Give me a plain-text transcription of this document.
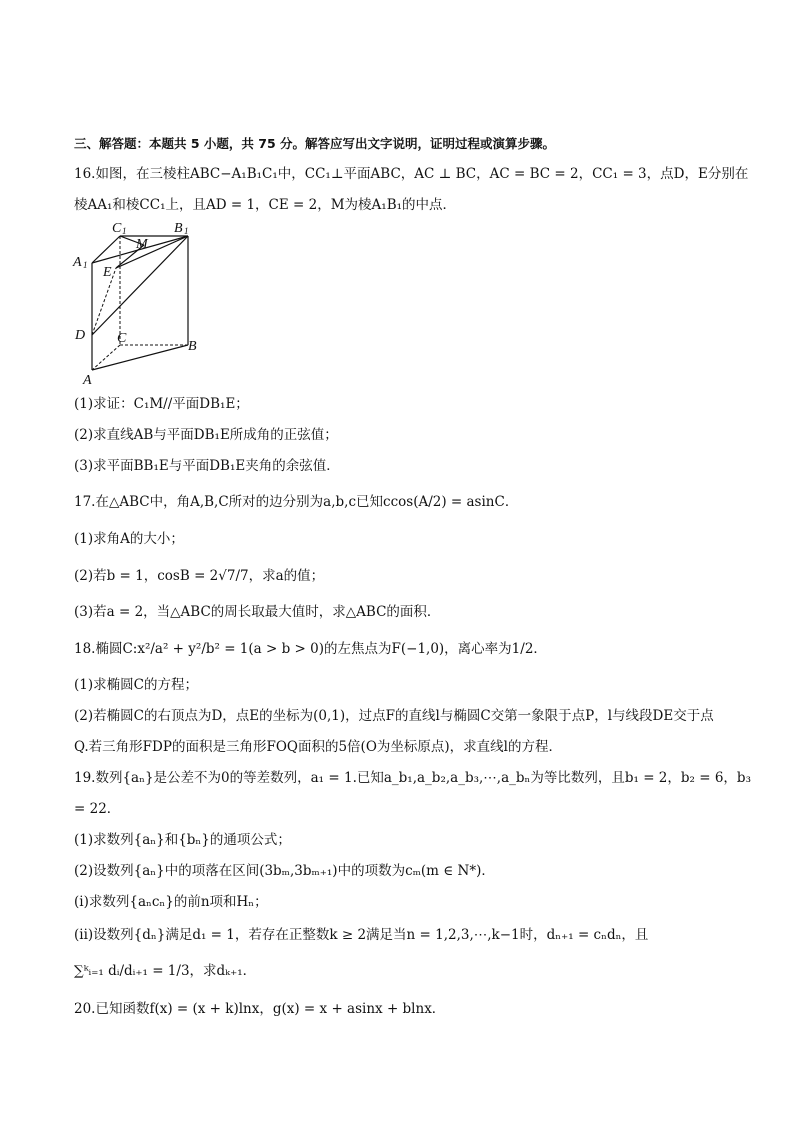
三、解答题：本题共 5 小题，共 75 分。解答应写出文字说明，证明过程或演算步骤。
16.如图，在三棱柱ABC−A₁B₁C₁中，CC₁⊥平面ABC，AC ⊥ BC，AC = BC = 2，CC₁ = 3，点D，E分别在
棱AA₁和棱CC₁上，且AD = 1，CE = 2，M为棱A₁B₁的中点．
C 1	B 1
A 1
M
E
D C
B
A
(1)求证：C₁M//平面DB₁E；
(2)求直线AB与平面DB₁E所成角的正弦值；
(3)求平面BB₁E与平面DB₁E夹角的余弦值．
17.在△ABC中，角A,B,C所对的边分别为a,b,c已知ccos(A/2) = asinC．
(1)求角A的大小；
(2)若b = 1，cosB = 2√7/7，求a的值；
(3)若a = 2，当△ABC的周长取最大值时，求△ABC的面积．
18.椭圆C:x²/a² + y²/b² = 1(a > b > 0)的左焦点为F(−1,0)，离心率为1/2．
(1)求椭圆C的方程；
(2)若椭圆C的右顶点为D，点E的坐标为(0,1)，过点F的直线l与椭圆C交第一象限于点P，l与线段DE交于点
Q.若三角形FDP的面积是三角形FOQ面积的5倍(O为坐标原点)，求直线l的方程．
19.数列{aₙ}是公差不为0的等差数列，a₁ = 1.已知a_b₁,a_b₂,a_b₃,⋯,a_bₙ为等比数列，且b₁ = 2，b₂ = 6，b₃
= 22．
(1)求数列{aₙ}和{bₙ}的通项公式；
(2)设数列{aₙ}中的项落在区间(3bₘ,3bₘ₊₁)中的项数为cₘ(m ∈ N*)．
(i)求数列{aₙcₙ}的前n项和Hₙ；
(ii)设数列{dₙ}满足d₁ = 1，若存在正整数k ≥ 2满足当n = 1,2,3,⋯,k−1时，dₙ₊₁ = cₙdₙ，且
∑ᵏᵢ₌₁ dᵢ/dᵢ₊₁ = 1/3，求dₖ₊₁．
20.已知函数f(x) = (x + k)lnx，g(x) = x + asinx + blnx．
